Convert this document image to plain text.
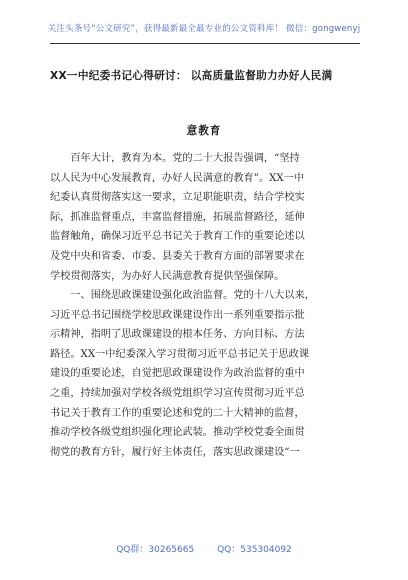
关注头条号“公文研究”，获得最新最全最专业的公文资料库！ 微信：gongwenyj
XX一中纪委书记心得研讨： 以高质量监督助力办好人民满
意教育
　　百年大计，教育为本。党的二十大报告强调，“坚持
以人民为中心发展教育，办好人民满意的教育”。XX一中
纪委认真贯彻落实这一要求，立足职能职责，结合学校实
际，抓准监督重点，丰富监督措施，拓展监督路径，延伸
监督触角，确保习近平总书记关于教育工作的重要论述以
及党中央和省委、市委、县委关于教育方面的部署要求在
学校贯彻落实，为办好人民满意教育提供坚强保障。
　　一、围绕思政课建设强化政治监督。党的十八大以来，
习近平总书记围绕学校思政课建设作出一系列重要指示批
示精神，指明了思政课建设的根本任务、方向目标、方法
路径。XX一中纪委深入学习贯彻习近平总书记关于思政课
建设的重要论述，自觉把思政课建设作为政治监督的重中
之重，持续加强对学校各级党组织学习宣传贯彻习近平总
书记关于教育工作的重要论述和党的二十大精神的监督，
推动学校各级党组织强化理论武装。推动学校党委全面贯
彻党的教育方针，履行好主体责任，落实思政课建设“一
QQ群：30265665	QQ：535304092
